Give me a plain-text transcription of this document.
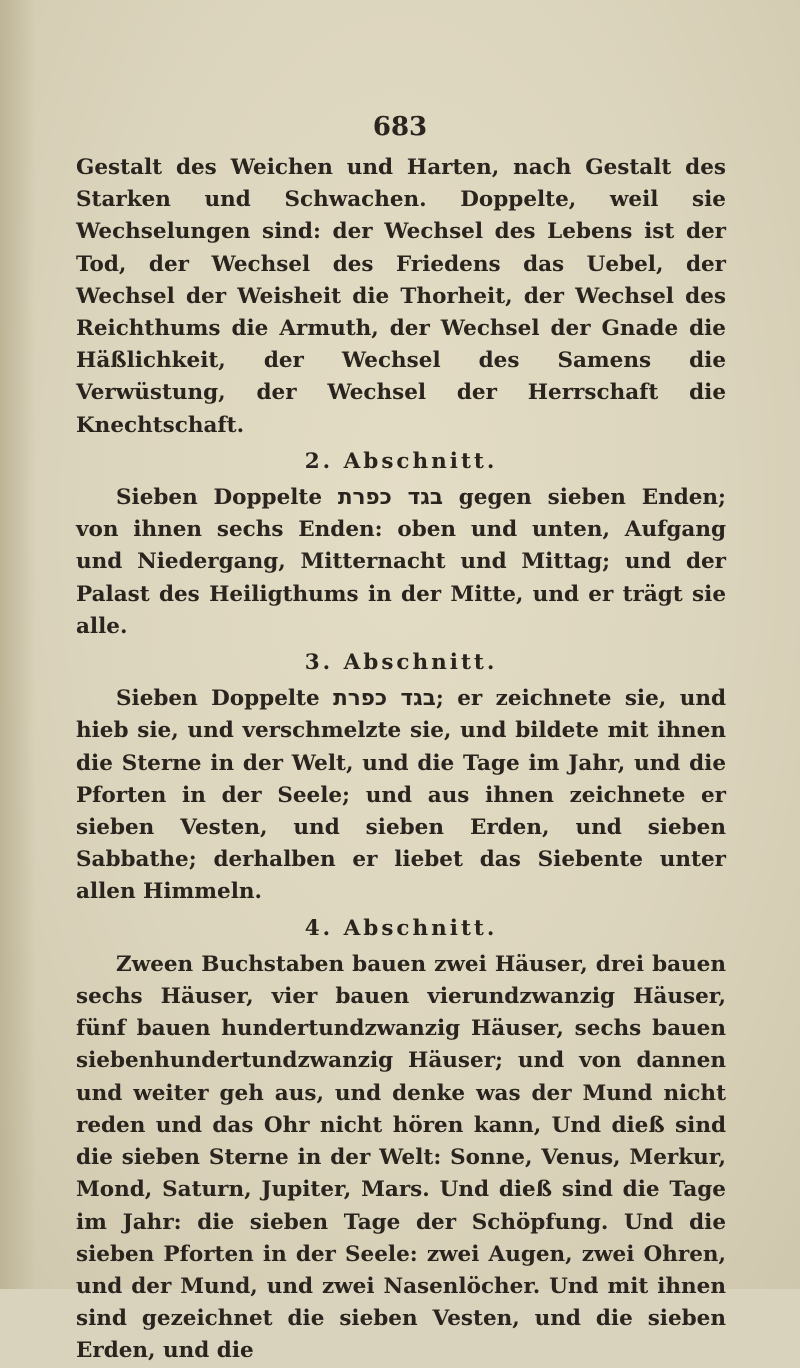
683

Gestalt des Weichen und Harten, nach Gestalt des Starken und Schwachen. Doppelte, weil sie Wechselungen sind: der Wechsel des Lebens ist der Tod, der Wechsel des Friedens das Uebel, der Wechsel der Weisheit die Thorheit, der Wechsel des Reichthums die Armuth, der Wechsel der Gnade die Häßlichkeit, der Wechsel des Samens die Verwüstung, der Wechsel der Herrschaft die Knechtschaft.

2. Abschnitt.

Sieben Doppelte בגד כפרת gegen sieben Enden; von ihnen sechs Enden: oben und unten, Aufgang und Niedergang, Mitternacht und Mittag; und der Palast des Heiligthums in der Mitte, und er trägt sie alle.

3. Abschnitt.

Sieben Doppelte בגד כפרת; er zeichnete sie, und hieb sie, und verschmelzte sie, und bildete mit ihnen die Sterne in der Welt, und die Tage im Jahr, und die Pforten in der Seele; und aus ihnen zeichnete er sieben Vesten, und sieben Erden, und sieben Sabbathe; derhalben er liebet das Siebente unter allen Himmeln.

4. Abschnitt.

Zween Buchstaben bauen zwei Häuser, drei bauen sechs Häuser, vier bauen vierundzwanzig Häuser, fünf bauen hundertundzwanzig Häuser, sechs bauen siebenhundertundzwanzig Häuser; und von dannen und weiter geh aus, und denke was der Mund nicht reden und das Ohr nicht hören kann, Und dieß sind die sieben Sterne in der Welt: Sonne, Venus, Merkur, Mond, Saturn, Jupiter, Mars. Und dieß sind die Tage im Jahr: die sieben Tage der Schöpfung. Und die sieben Pforten in der Seele: zwei Augen, zwei Ohren, und der Mund, und zwei Nasenlöcher. Und mit ihnen sind gezeichnet die sieben Vesten, und die sieben Erden, und die
